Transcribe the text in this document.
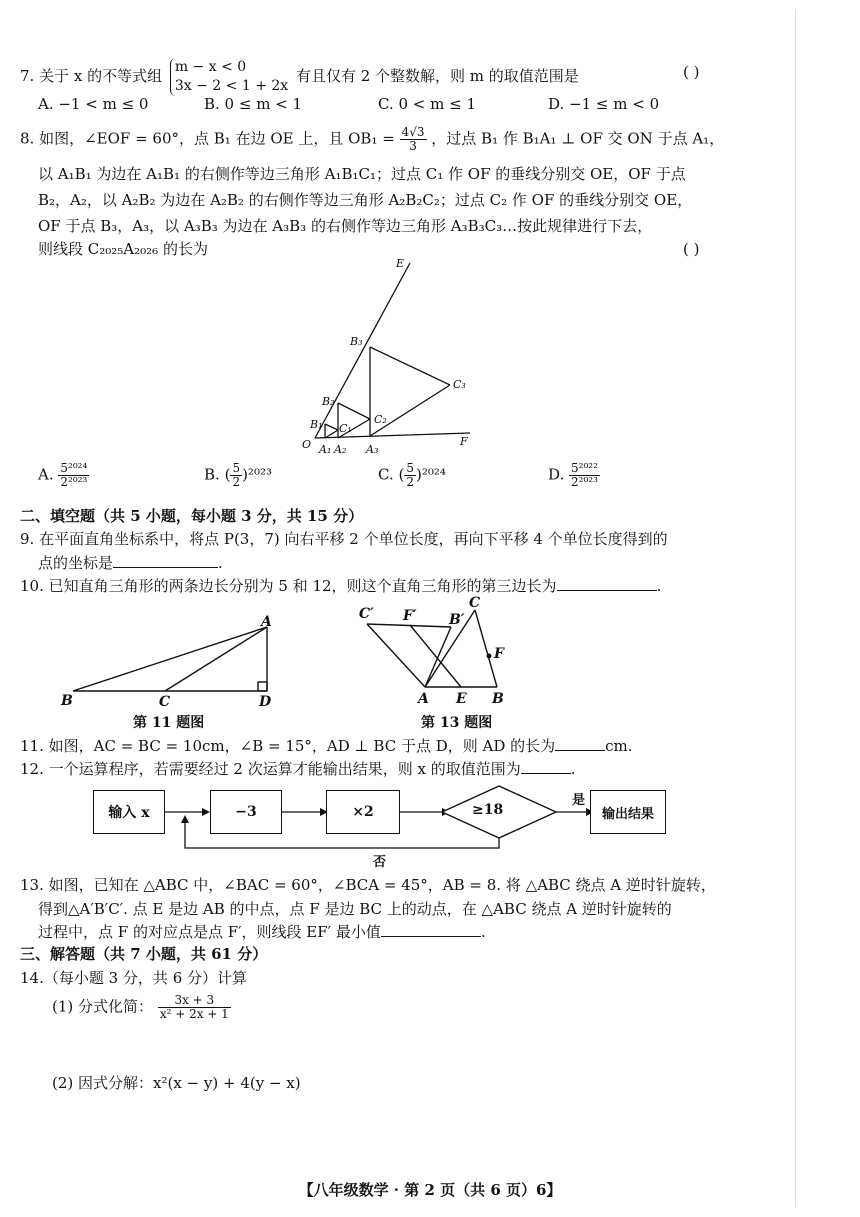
7. 关于 x 的不等式组 m − x < 0
3x − 2 < 1 + 2x
有且仅有 2 个整数解，则 m 的取值范围是	( )
A. −1 < m ≤ 0	B. 0 ≤ m < 1	C. 0 < m ≤ 1	D. −1 ≤ m < 0
8. 如图，∠EOF = 60°，点 B₁ 在边 OE 上，且 $OB_1 = \frac{4√3}{3}$ ，过点 B₁ 作 B₁A₁ ⊥ OF 交 ON 于点 A₁，
以 A₁B₁ 为边在 A₁B₁ 的右侧作等边三角形 A₁B₁C₁；过点 C₁ 作 OF 的垂线分别交 OE，OF 于点
B₂，A₂，以 A₂B₂ 为边在 A₂B₂ 的右侧作等边三角形 A₂B₂C₂；过点 C₂ 作 OF 的垂线分别交 OE，
OF 于点 B₃，A₃，以 A₃B₃ 为边在 A₃B₃ 的右侧作等边三角形 A₃B₃C₃…按此规律进行下去，
则线段 C₂₀₂₅A₂₀₂₆ 的长为	( )
E
F
O
B₁
B₂
B₃
C₁
C₂
C₃
A₁ A₂ A₃
A. $\frac{\text{5²⁰²⁴}}{\text{2²⁰²³}}$	B. ( $\frac{5}{2} )^{2023}$	C. ( $\frac{5}{2} )^{2024}$	D. $\frac{\text{5²⁰²²}}{\text{2²⁰²³}}$
二、填空题（共 5 小题，每小题 3 分，共 15 分）
9. 在平面直角坐标系中，将点 P(3，7) 向右平移 2 个单位长度，再向下平移 4 个单位长度得到的
点的坐标是	.
10. 已知直角三角形的两条边长分别为 5 和 12，则这个直角三角形的第三边长为	.
A
B	C	D
第 11 题图
C′ F′ B′
C
F
A E B
第 13 题图
11. 如图，AC = BC = 10cm，∠B = 15°，AD ⊥ BC 于点 D，则 AD 的长为	cm.
12. 一个运算程序，若需要经过 2 次运算才能输出结果，则 x 的取值范围为	.
输入 x	−3	×2	≥18
是
输出结果
否
13. 如图，已知在 △ABC 中，∠BAC = 60°，∠BCA = 45°，AB = 8. 将 △ABC 绕点 A 逆时针旋转，
得到△A′B′C′. 点 E 是边 AB 的中点，点 F 是边 BC 上的动点，在 △ABC 绕点 A 逆时针旋转的
过程中，点 F 的对应点是点 F′，则线段 EF′ 最小值	.
三、解答题（共 7 小题，共 61 分）
14.（每小题 3 分，共 6 分）计算
(1) 分式化简： $\frac{3x + 3}{\text{x² + 2x + 1}}$
(2) 因式分解：x²(x − y) + 4(y − x)
【八年级数学 · 第 2 页（共 6 页）6】
